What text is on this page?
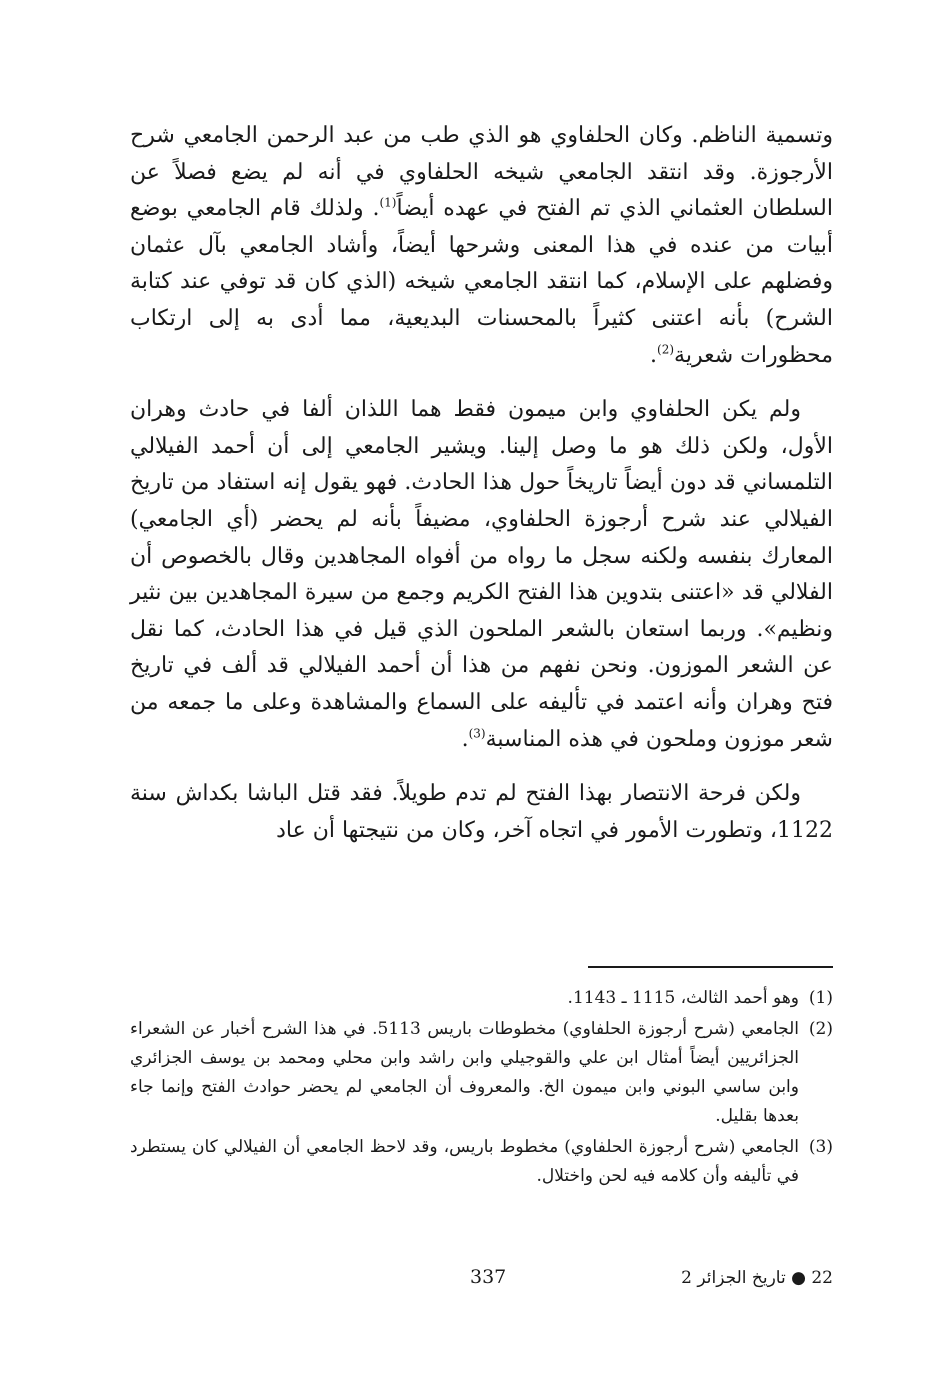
وتسمية الناظم. وكان الحلفاوي هو الذي طب من عبد الرحمن الجامعي شرح الأرجوزة. وقد انتقد الجامعي شيخه الحلفاوي في أنه لم يضع فصلاً عن السلطان العثماني الذي تم الفتح في عهده أيضاً$^{(1)}$. ولذلك قام الجامعي بوضع أبيات من عنده في هذا المعنى وشرحها أيضاً، وأشاد الجامعي بآل عثمان وفضلهم على الإسلام، كما انتقد الجامعي شيخه (الذي كان قد توفي عند كتابة الشرح) بأنه اعتنى كثيراً بالمحسنات البديعية، مما أدى به إلى ارتكاب محظورات شعرية$^{(2)}$.

ولم يكن الحلفاوي وابن ميمون فقط هما اللذان ألفا في حادث وهران الأول، ولكن ذلك هو ما وصل إلينا. ويشير الجامعي إلى أن أحمد الفيلالي التلمساني قد دون أيضاً تاريخاً حول هذا الحادث. فهو يقول إنه استفاد من تاريخ الفيلالي عند شرح أرجوزة الحلفاوي، مضيفاً بأنه لم يحضر (أي الجامعي) المعارك بنفسه ولكنه سجل ما رواه من أفواه المجاهدين وقال بالخصوص أن الفلالي قد «اعتنى بتدوين هذا الفتح الكريم وجمع من سيرة المجاهدين بين نثير ونظيم». وربما استعان بالشعر الملحون الذي قيل في هذا الحادث، كما نقل عن الشعر الموزون. ونحن نفهم من هذا أن أحمد الفيلالي قد ألف في تاريخ فتح وهران وأنه اعتمد في تأليفه على السماع والمشاهدة وعلى ما جمعه من شعر موزون وملحون في هذه المناسبة$^{(3)}$.

ولكن فرحة الانتصار بهذا الفتح لم تدم طويلاً. فقد قتل الباشا بكداش سنة 1122، وتطورت الأمور في اتجاه آخر، وكان من نتيجتها أن عاد

(1)
وهو أحمد الثالث، 1115 ـ 1143.
(2)
الجامعي (شرح أرجوزة الحلفاوي) مخطوطات باريس 5113. في هذا الشرح أخبار عن الشعراء الجزائريين أيضاً أمثال ابن علي والقوجيلي وابن راشد وابن محلي ومحمد بن يوسف الجزائري وابن ساسي البوني وابن ميمون الخ. والمعروف أن الجامعي لم يحضر حوادث الفتح وإنما جاء بعدها بقليل.
(3)
الجامعي (شرح أرجوزة الحلفاوي) مخطوط باريس، وقد لاحظ الجامعي أن الفيلالي كان يستطرد في تأليفه وأن كلامه فيه لحن واختلال.
22 ● تاريخ الجزائر 2
337
